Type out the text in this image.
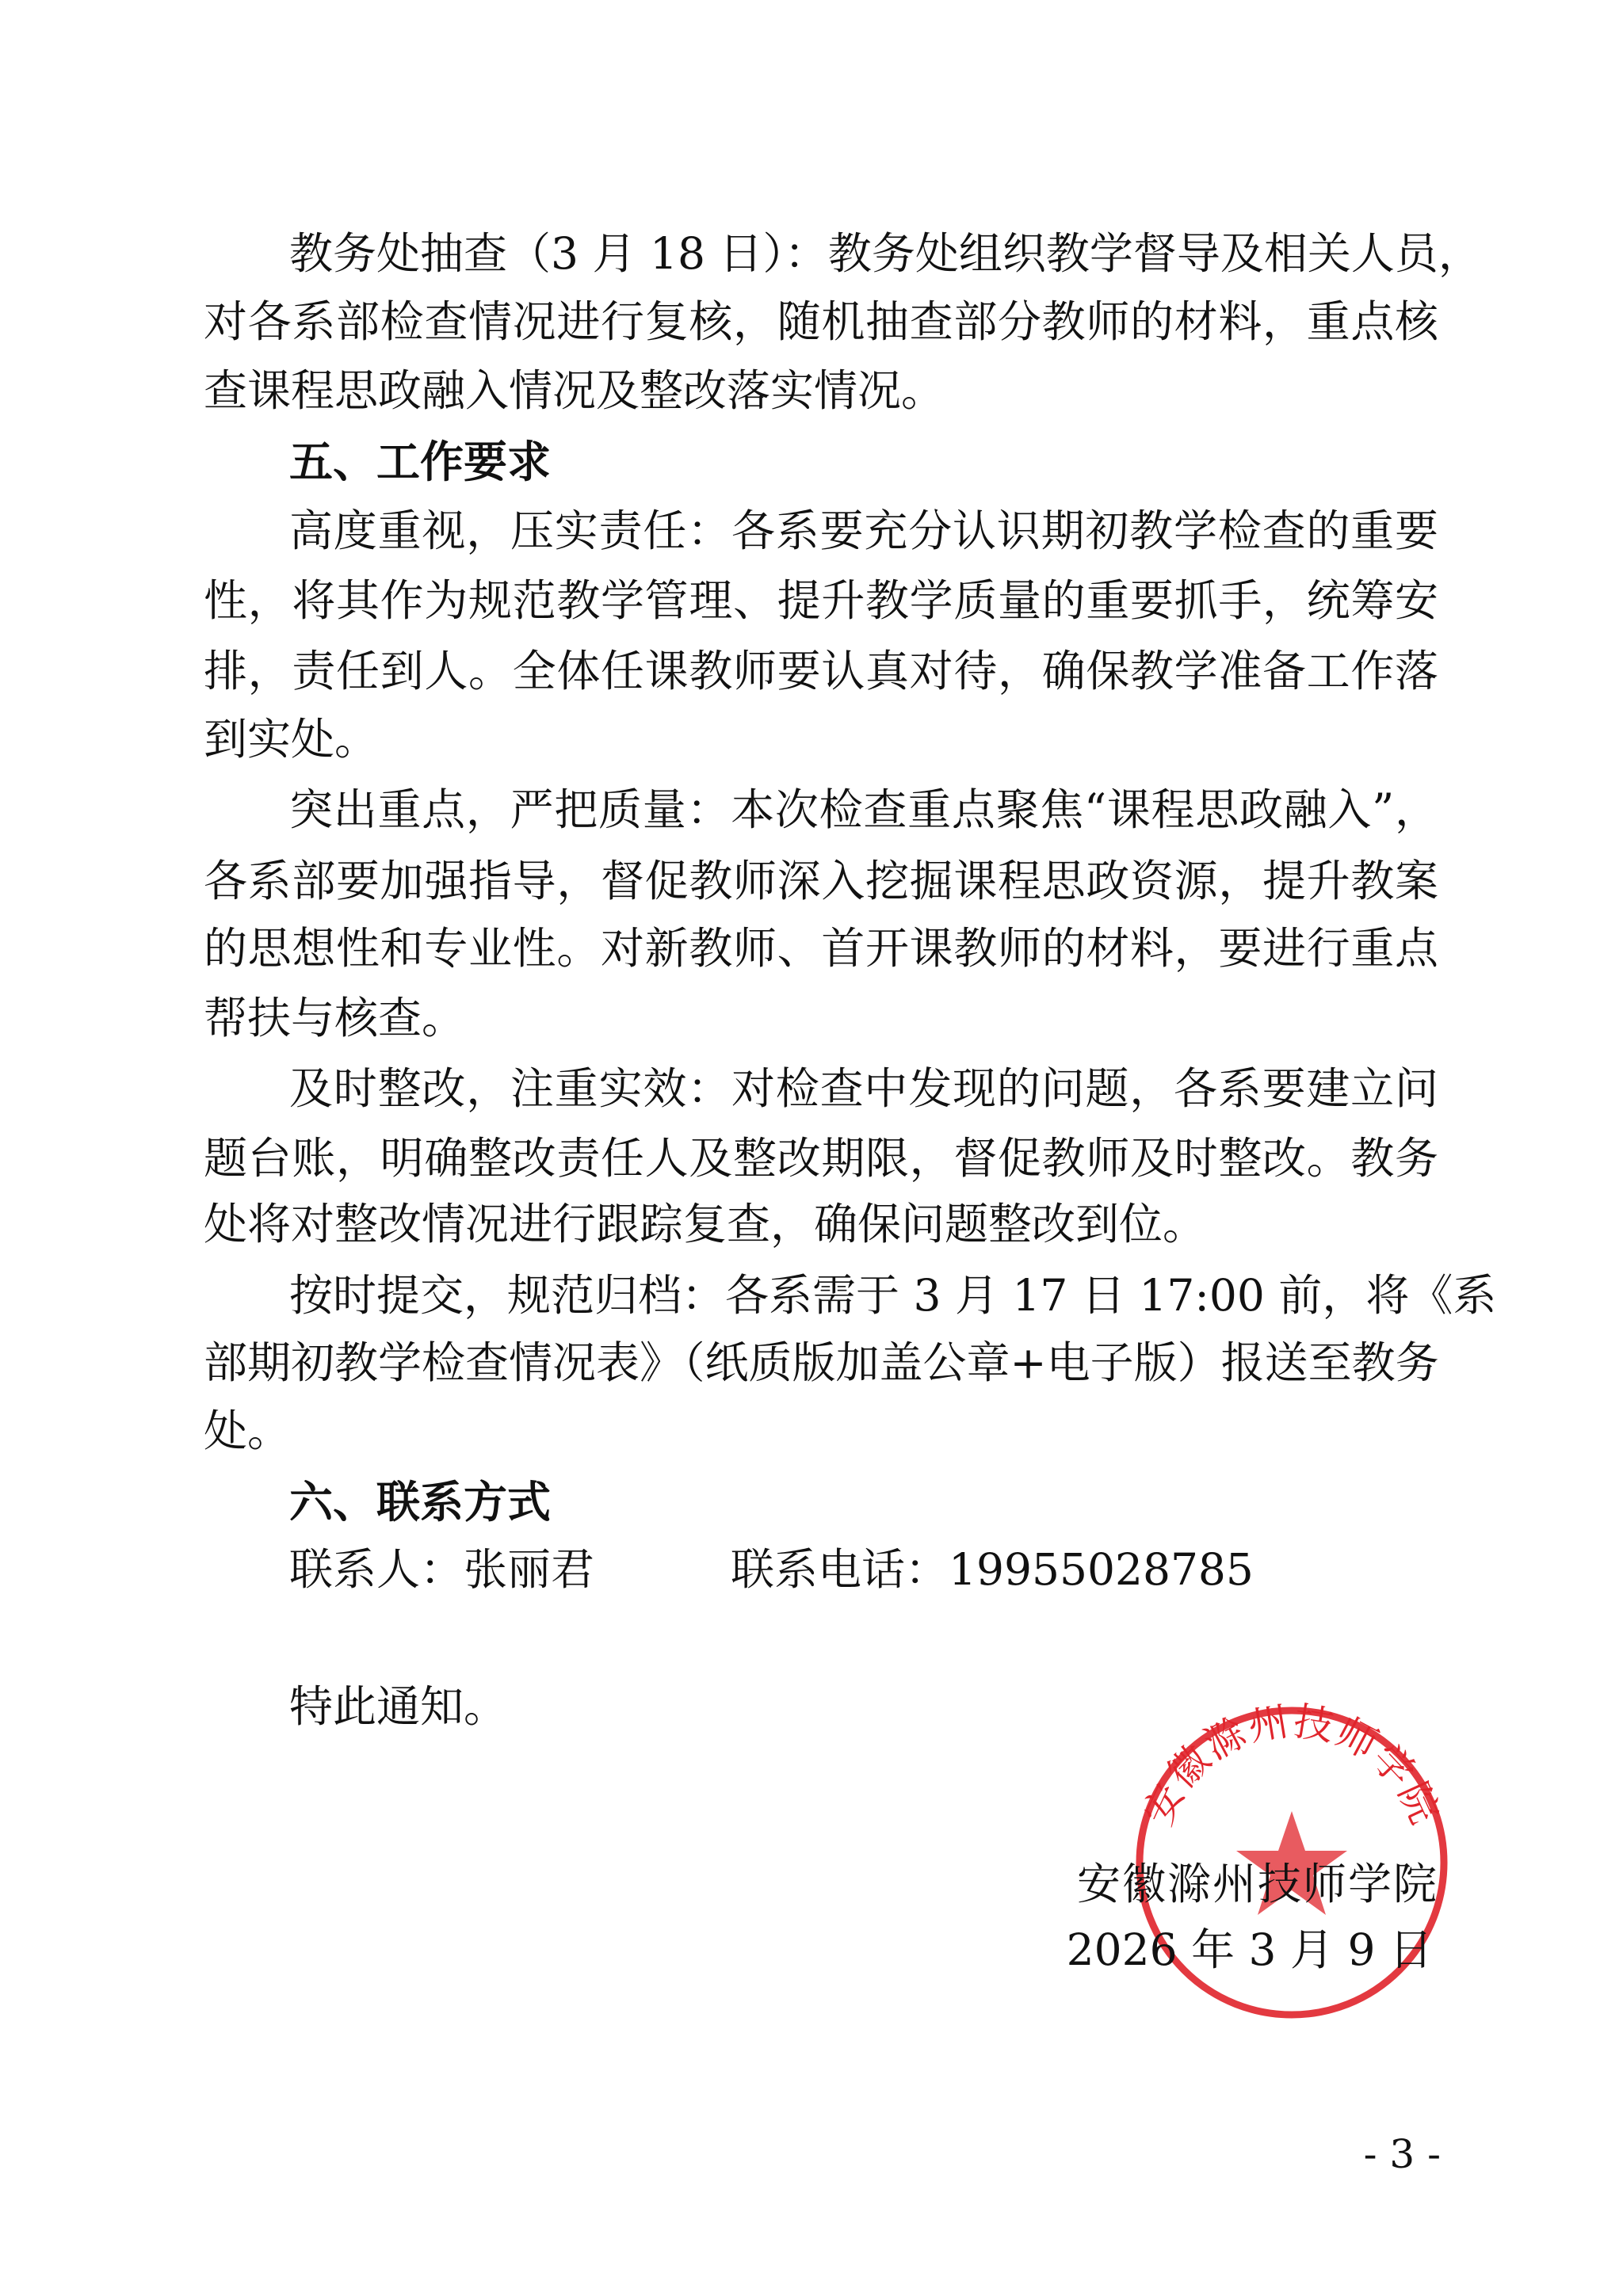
教务处抽查（3 月 18 日）：教务处组织教学督导及相关人员，
对各系部检查情况进行复核，随机抽查部分教师的材料，重点核
查课程思政融入情况及整改落实情况。
五、工作要求
高度重视，压实责任：各系要充分认识期初教学检查的重要
性，将其作为规范教学管理、提升教学质量的重要抓手，统筹安
排，责任到人。全体任课教师要认真对待，确保教学准备工作落
到实处。
突出重点，严把质量：本次检查重点聚焦“课程思政融入”，
各系部要加强指导，督促教师深入挖掘课程思政资源，提升教案
的思想性和专业性。对新教师、首开课教师的材料，要进行重点
帮扶与核查。
及时整改，注重实效：对检查中发现的问题，各系要建立问
题台账，明确整改责任人及整改期限，督促教师及时整改。教务
处将对整改情况进行跟踪复查，确保问题整改到位。
按时提交，规范归档：各系需于 3 月 17 日 17:00 前，将《系
部期初教学检查情况表》（纸质版加盖公章+电子版）报送至教务
处。
六、联系方式
联系人：张丽君	联系电话：19955028785
特此通知。
安徽滁州技师学院
安徽滁州技师学院
2026 年 3 月 9 日
- 3 -
